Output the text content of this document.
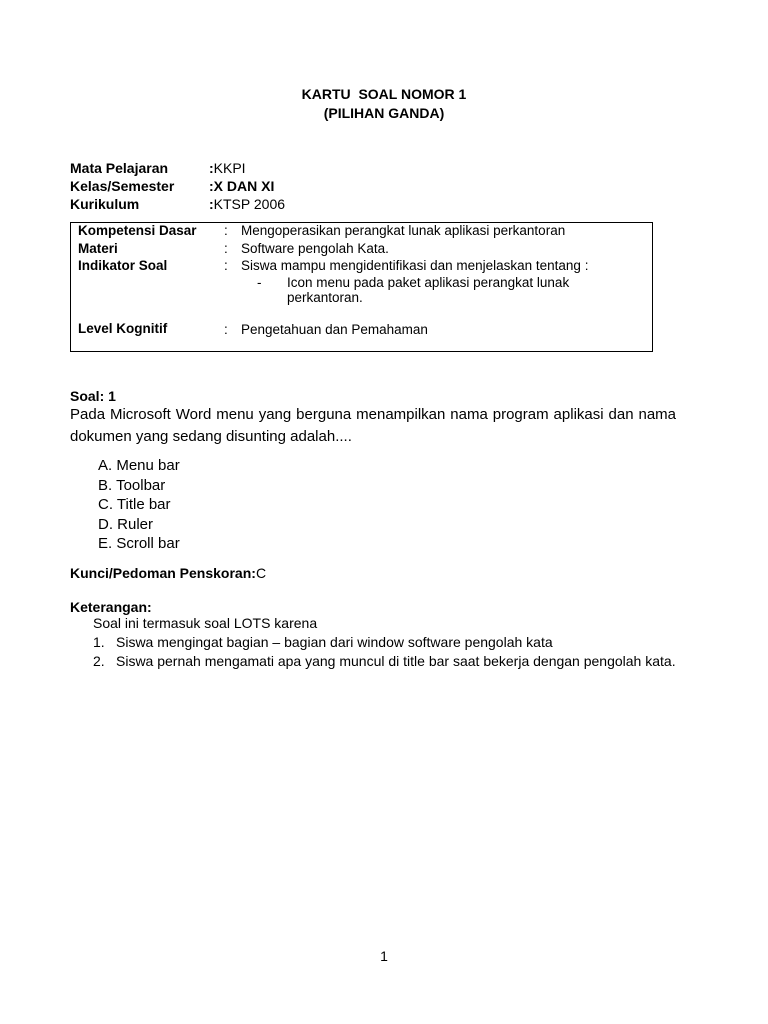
KARTU  SOAL NOMOR 1
(PILIHAN GANDA)
Mata Pelajaran	:KKPI
Kelas/Semester :X DAN XI
Kurikulum	:KTSP 2006
Kompetensi Dasar : Mengoperasikan perangkat lunak aplikasi perkantoran
Materi	: Software pengolah Kata.
Indikator Soal	: Siswa mampu mengidentifikasi dan menjelaskan tentang :
- Icon menu pada paket aplikasi perangkat lunak perkantoran.
Level Kognitif	: Pengetahuan dan Pemahaman
Soal: 1
Pada Microsoft Word menu yang berguna menampilkan nama program aplikasi dan nama dokumen yang sedang disunting adalah....
A. Menu bar
B. Toolbar
C. Title bar
D. Ruler
E. Scroll bar
Kunci/Pedoman Penskoran:C
Keterangan:
Soal ini termasuk soal LOTS karena
1. Siswa mengingat bagian – bagian dari window software pengolah kata
2. Siswa pernah mengamati apa yang muncul di title bar saat bekerja dengan pengolah kata.
1
